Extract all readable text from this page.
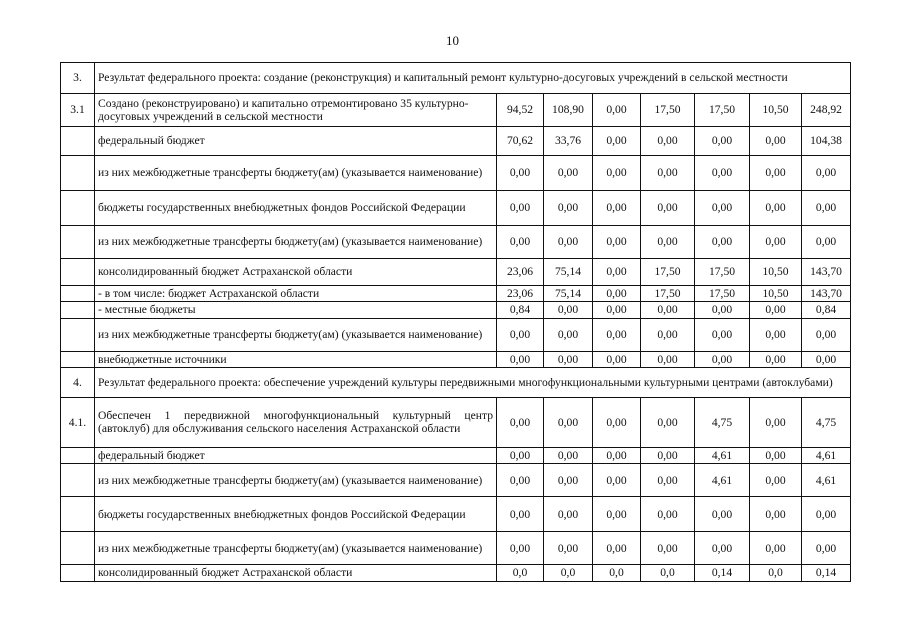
10
3.	Результат федерального проекта: создание (реконструкция) и капитальный ремонт культурно-досуговых учреждений в сельской местности							
3.1	Создано (реконструировано) и капитально отремонтировано 35 культурно-досуговых учреждений в сельской местности	94,52	108,90	0,00	17,50	17,50	10,50	248,92
	федеральный бюджет	70,62	33,76	0,00	0,00	0,00	0,00	104,38
	из них межбюджетные трансферты бюджету(ам) (указывается наименование)	0,00	0,00	0,00	0,00	0,00	0,00	0,00
	бюджеты государственных внебюджетных фондов Российской Федерации	0,00	0,00	0,00	0,00	0,00	0,00	0,00
	из них межбюджетные трансферты бюджету(ам) (указывается наименование)	0,00	0,00	0,00	0,00	0,00	0,00	0,00
	консолидированный бюджет Астраханской области	23,06	75,14	0,00	17,50	17,50	10,50	143,70
	- в том числе: бюджет Астраханской области	23,06	75,14	0,00	17,50	17,50	10,50	143,70
	- местные бюджеты	0,84	0,00	0,00	0,00	0,00	0,00	0,84
	из них межбюджетные трансферты бюджету(ам) (указывается наименование)	0,00	0,00	0,00	0,00	0,00	0,00	0,00
	внебюджетные источники	0,00	0,00	0,00	0,00	0,00	0,00	0,00
4.	Результат федерального проекта: обеспечение учреждений культуры передвижными многофункциональными культурными центрами (автоклубами)							
4.1.	Обеспечен 1 передвижной многофункциональный культурный центр (автоклуб) для обслуживания сельского населения Астраханской области	0,00	0,00	0,00	0,00	4,75	0,00	4,75
	федеральный бюджет	0,00	0,00	0,00	0,00	4,61	0,00	4,61
	из них межбюджетные трансферты бюджету(ам) (указывается наименование)	0,00	0,00	0,00	0,00	4,61	0,00	4,61
	бюджеты государственных внебюджетных фондов Российской Федерации	0,00	0,00	0,00	0,00	0,00	0,00	0,00
	из них межбюджетные трансферты бюджету(ам) (указывается наименование)	0,00	0,00	0,00	0,00	0,00	0,00	0,00
	консолидированный бюджет Астраханской области	0,0	0,0	0,0	0,0	0,14	0,0	0,14
